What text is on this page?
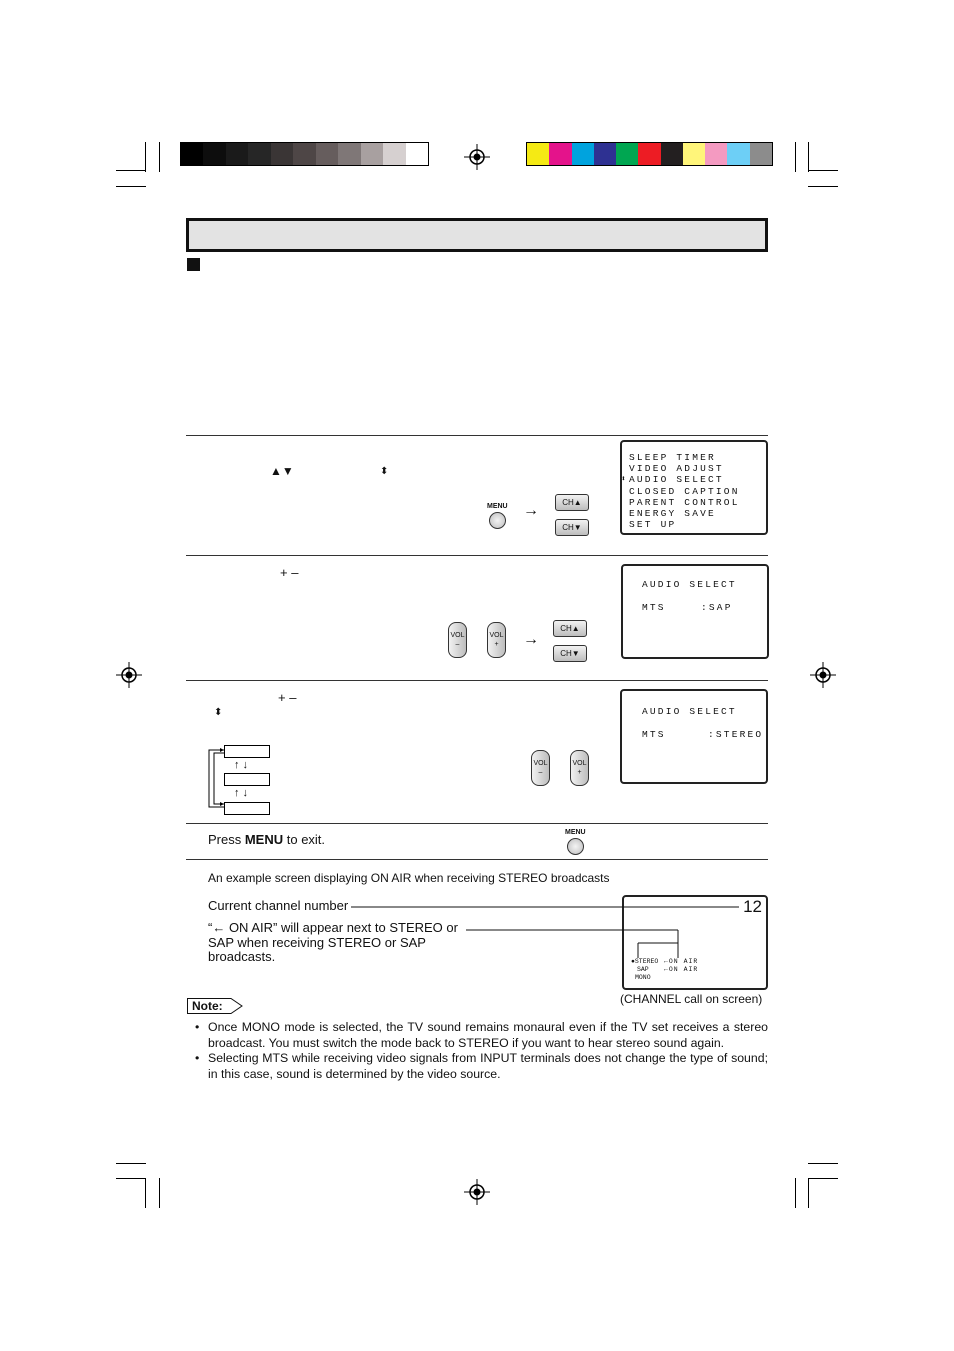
▲▼	⬍
MENU →	CH▲
CH▼
SLEEP TIMER
VIDEO ADJUST
⬍ AUDIO SELECT
CLOSED CAPTION
PARENT CONTROL
ENERGY SAVE
SET UP
+ –
VOL
–
VOL
+	→
CH▲
CH▼
AUDIO SELECT
MTS	:SAP
+ –
⬍
↑ ↓
↑ ↓
VOL
–
VOL
+
AUDIO SELECT
MTS	:STEREO
Press MENU to exit.	MENU
An example screen displaying ON AIR when receiving STEREO broadcasts
Current channel number
“← ON AIR” will appear next to STEREO or SAP when receiving STEREO or SAP broadcasts.
12
●STEREO
SAP
MONO
←ON AIR
←ON AIR
(CHANNEL call on screen)
Note:
• Once MONO mode is selected, the TV sound remains monaural even if the TV set receives a stereo broadcast. You must switch the mode back to STEREO if you want to hear stereo sound again.
• Selecting MTS while receiving video signals from INPUT terminals does not change the type of sound; in this case, sound is determined by the video source.
